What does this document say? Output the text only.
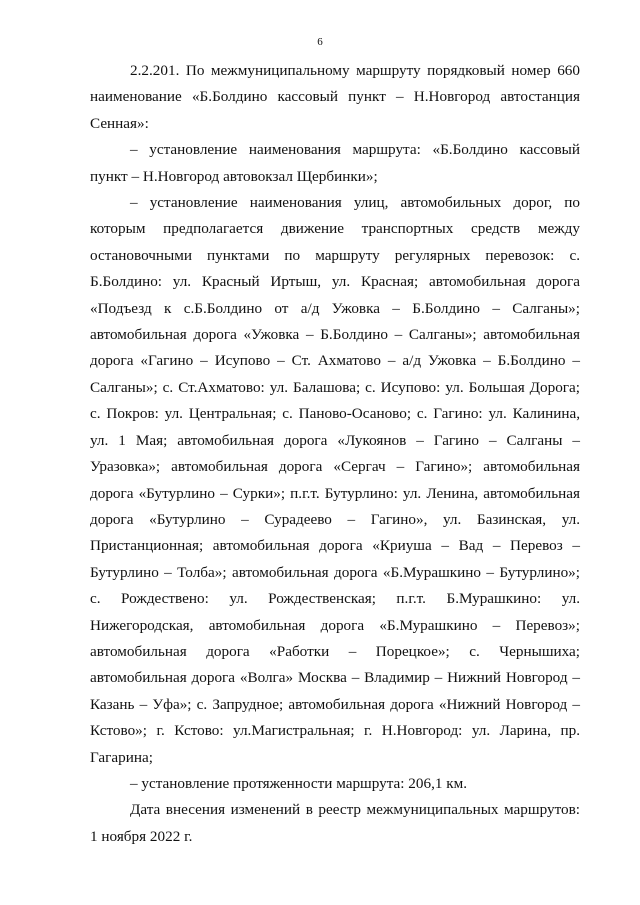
6

2.2.201. По межмуниципальному маршруту порядковый номер 660 наименование «Б.Болдино кассовый пункт – Н.Новгород автостанция Сенная»:

– установление наименования маршрута: «Б.Болдино кассовый пункт – Н.Новгород автовокзал Щербинки»;

– установление наименования улиц, автомобильных дорог, по которым предполагается движение транспортных средств между остановочными пунктами по маршруту регулярных перевозок: с. Б.Болдино: ул. Красный Иртыш, ул. Красная; автомобильная дорога «Подъезд к с.Б.Болдино от а/д Ужовка – Б.Болдино – Салганы»; автомобильная дорога «Ужовка – Б.Болдино – Салганы»; автомобильная дорога «Гагино – Исупово – Ст. Ахматово – а/д Ужовка – Б.Болдино – Салганы»; с. Ст.Ахматово: ул. Балашова; с. Исупово: ул. Большая Дорога; с. Покров: ул. Центральная; с. Паново-Осаново; с. Гагино: ул. Калинина, ул. 1 Мая; автомобильная дорога «Лукоянов – Гагино – Салганы – Уразовка»; автомобильная дорога «Сергач – Гагино»; автомобильная дорога «Бутурлино – Сурки»; п.г.т. Бутурлино: ул. Ленина, автомобильная дорога «Бутурлино – Сурадеево – Гагино», ул. Базинская, ул. Пристанционная; автомобильная дорога «Криуша – Вад – Перевоз – Бутурлино – Толба»; автомобильная дорога «Б.Мурашкино – Бутурлино»; с. Рождествено: ул. Рождественская; п.г.т. Б.Мурашкино: ул. Нижегородская, автомобильная дорога «Б.Мурашкино – Перевоз»; автомобильная дорога «Работки – Порецкое»; с. Чернышиха; автомобильная дорога «Волга» Москва – Владимир – Нижний Новгород – Казань – Уфа»; с. Запрудное; автомобильная дорога «Нижний Новгород – Кстово»; г. Кстово: ул.Магистральная; г. Н.Новгород: ул. Ларина, пр. Гагарина;

– установление протяженности маршрута: 206,1 км.

Дата внесения изменений в реестр межмуниципальных маршрутов: 1 ноября 2022 г.
